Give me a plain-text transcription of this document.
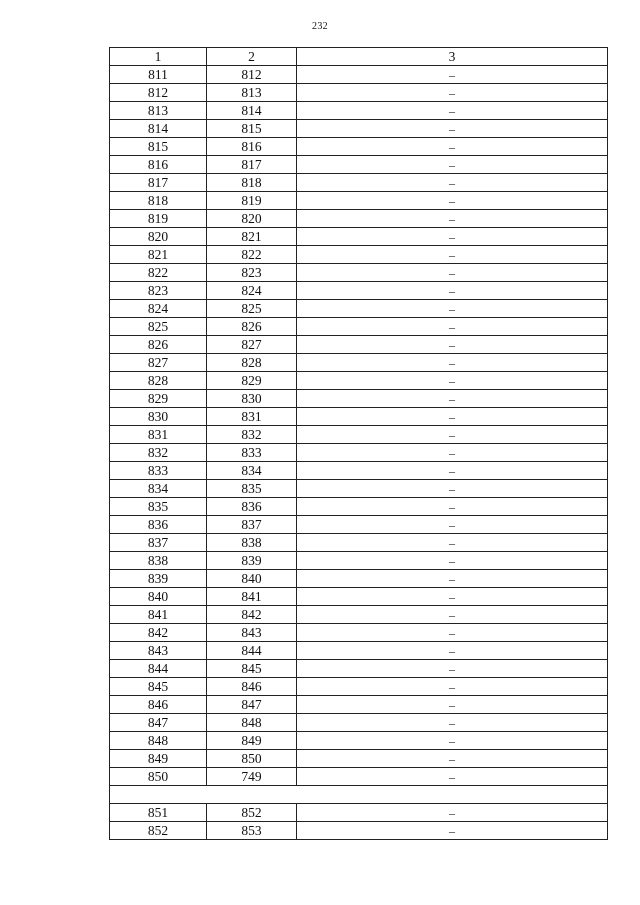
232
1	2	3
811	812	–
812	813	–
813	814	–
814	815	–
815	816	–
816	817	–
817	818	–
818	819	–
819	820	–
820	821	–
821	822	–
822	823	–
823	824	–
824	825	–
825	826	–
826	827	–
827	828	–
828	829	–
829	830	–
830	831	–
831	832	–
832	833	–
833	834	–
834	835	–
835	836	–
836	837	–
837	838	–
838	839	–
839	840	–
840	841	–
841	842	–
842	843	–
843	844	–
844	845	–
845	846	–
846	847	–
847	848	–
848	849	–
849	850	–
850	749	–

851	852	–
852	853	–
